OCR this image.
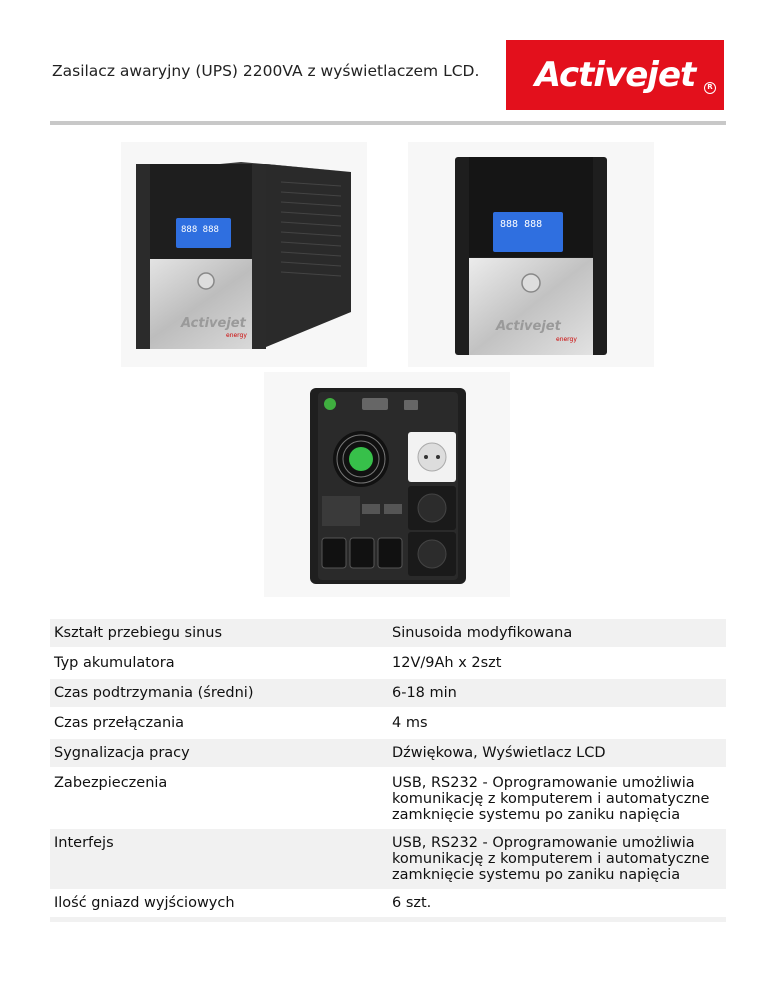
Zasilacz awaryjny (UPS) 2200VA z wyświetlaczem LCD.	Activejet	R
888 888
Activejet
energy
888 888
Activejet
energy
Kształt przebiegu sinus	Sinusoida modyfikowana
Typ akumulatora	12V/9Ah x 2szt
Czas podtrzymania (średni)	6-18 min
Czas przełączania	4 ms
Sygnalizacja pracy	Dźwiękowa, Wyświetlacz LCD
Zabezpieczenia	USB, RS232 - Oprogramowanie umożliwia komunikację z komputerem i automatyczne zamknięcie systemu po zaniku napięcia
Interfejs	USB, RS232 - Oprogramowanie umożliwia komunikację z komputerem i automatyczne zamknięcie systemu po zaniku napięcia
Ilość gniazd wyjściowych	6 szt.
